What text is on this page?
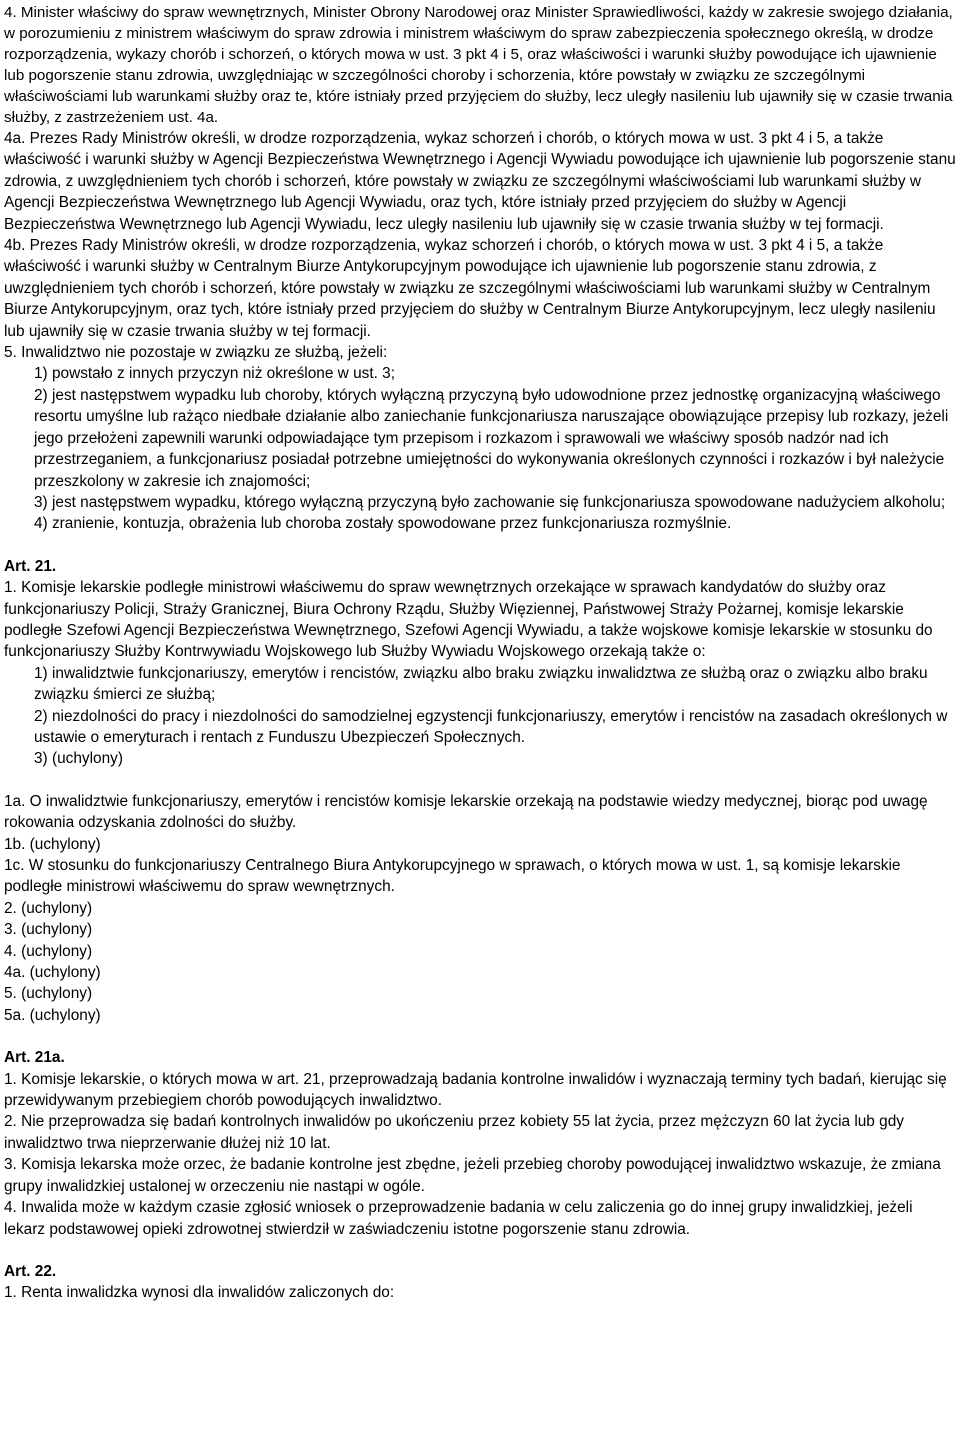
4. Minister właściwy do spraw wewnętrznych, Minister Obrony Narodowej oraz Minister Sprawiedliwości, każdy w zakresie swojego działania, w porozumieniu z ministrem właściwym do spraw zdrowia i ministrem właściwym do spraw zabezpieczenia społecznego określą, w drodze rozporządzenia, wykazy chorób i schorzeń, o których mowa w ust. 3 pkt 4 i 5, oraz właściwości i warunki służby powodujące ich ujawnienie lub pogorszenie stanu zdrowia, uwzględniając w szczególności choroby i schorzenia, które powstały w związku ze szczególnymi właściwościami lub warunkami służby oraz te, które istniały przed przyjęciem do służby, lecz uległy nasileniu lub ujawniły się w czasie trwania służby, z zastrzeżeniem ust. 4a.

4a. Prezes Rady Ministrów określi, w drodze rozporządzenia, wykaz schorzeń i chorób, o których mowa w ust. 3 pkt 4 i 5, a także właściwość i warunki służby w Agencji Bezpieczeństwa Wewnętrznego i Agencji Wywiadu powodujące ich ujawnienie lub pogorszenie stanu zdrowia, z uwzględnieniem tych chorób i schorzeń, które powstały w związku ze szczególnymi właściwościami lub warunkami służby w Agencji Bezpieczeństwa Wewnętrznego lub Agencji Wywiadu, oraz tych, które istniały przed przyjęciem do służby w Agencji Bezpieczeństwa Wewnętrznego lub Agencji Wywiadu, lecz uległy nasileniu lub ujawniły się w czasie trwania służby w tej formacji.

4b. Prezes Rady Ministrów określi, w drodze rozporządzenia, wykaz schorzeń i chorób, o których mowa w ust. 3 pkt 4 i 5, a także właściwość i warunki służby w Centralnym Biurze Antykorupcyjnym powodujące ich ujawnienie lub pogorszenie stanu zdrowia, z uwzględnieniem tych chorób i schorzeń, które powstały w związku ze szczególnymi właściwościami lub warunkami służby w Centralnym Biurze Antykorupcyjnym, oraz tych, które istniały przed przyjęciem do służby w Centralnym Biurze Antykorupcyjnym, lecz uległy nasileniu lub ujawniły się w czasie trwania służby w tej formacji.

5. Inwalidztwo nie pozostaje w związku ze służbą, jeżeli:

1) powstało z innych przyczyn niż określone w ust. 3;

2) jest następstwem wypadku lub choroby, których wyłączną przyczyną było udowodnione przez jednostkę organizacyjną właściwego resortu umyślne lub rażąco niedbałe działanie albo zaniechanie funkcjonariusza naruszające obowiązujące przepisy lub rozkazy, jeżeli jego przełożeni zapewnili warunki odpowiadające tym przepisom i rozkazom i sprawowali we właściwy sposób nadzór nad ich przestrzeganiem, a funkcjonariusz posiadał potrzebne umiejętności do wykonywania określonych czynności i rozkazów i był należycie przeszkolony w zakresie ich znajomości;

3) jest następstwem wypadku, którego wyłączną przyczyną było zachowanie się funkcjonariusza spowodowane nadużyciem alkoholu;

4) zranienie, kontuzja, obrażenia lub choroba zostały spowodowane przez funkcjonariusza rozmyślnie.

Art. 21.

1. Komisje lekarskie podległe ministrowi właściwemu do spraw wewnętrznych orzekające w sprawach kandydatów do służby oraz funkcjonariuszy Policji, Straży Granicznej, Biura Ochrony Rządu, Służby Więziennej, Państwowej Straży Pożarnej, komisje lekarskie podległe Szefowi Agencji Bezpieczeństwa Wewnętrznego, Szefowi Agencji Wywiadu, a także wojskowe komisje lekarskie w stosunku do funkcjonariuszy Służby Kontrwywiadu Wojskowego lub Służby Wywiadu Wojskowego orzekają także o:

1) inwalidztwie funkcjonariuszy, emerytów i rencistów, związku albo braku związku inwalidztwa ze służbą oraz o związku albo braku związku śmierci ze służbą;

2) niezdolności do pracy i niezdolności do samodzielnej egzystencji funkcjonariuszy, emerytów i rencistów na zasadach określonych w ustawie o emeryturach i rentach z Funduszu Ubezpieczeń Społecznych.

3) (uchylony)

1a. O inwalidztwie funkcjonariuszy, emerytów i rencistów komisje lekarskie orzekają na podstawie wiedzy medycznej, biorąc pod uwagę rokowania odzyskania zdolności do służby.

1b. (uchylony)

1c. W stosunku do funkcjonariuszy Centralnego Biura Antykorupcyjnego w sprawach, o których mowa w ust. 1, są komisje lekarskie podległe ministrowi właściwemu do spraw wewnętrznych.

2. (uchylony)

3. (uchylony)

4. (uchylony)

4a. (uchylony)

5. (uchylony)

5a. (uchylony)

Art. 21a.

1. Komisje lekarskie, o których mowa w art. 21, przeprowadzają badania kontrolne inwalidów i wyznaczają terminy tych badań, kierując się przewidywanym przebiegiem chorób powodujących inwalidztwo.

2. Nie przeprowadza się badań kontrolnych inwalidów po ukończeniu przez kobiety 55 lat życia, przez mężczyzn 60 lat życia lub gdy inwalidztwo trwa nieprzerwanie dłużej niż 10 lat.

3. Komisja lekarska może orzec, że badanie kontrolne jest zbędne, jeżeli przebieg choroby powodującej inwalidztwo wskazuje, że zmiana grupy inwalidzkiej ustalonej w orzeczeniu nie nastąpi w ogóle.

4. Inwalida może w każdym czasie zgłosić wniosek o przeprowadzenie badania w celu zaliczenia go do innej grupy inwalidzkiej, jeżeli lekarz podstawowej opieki zdrowotnej stwierdził w zaświadczeniu istotne pogorszenie stanu zdrowia.

Art. 22.

1. Renta inwalidzka wynosi dla inwalidów zaliczonych do:
